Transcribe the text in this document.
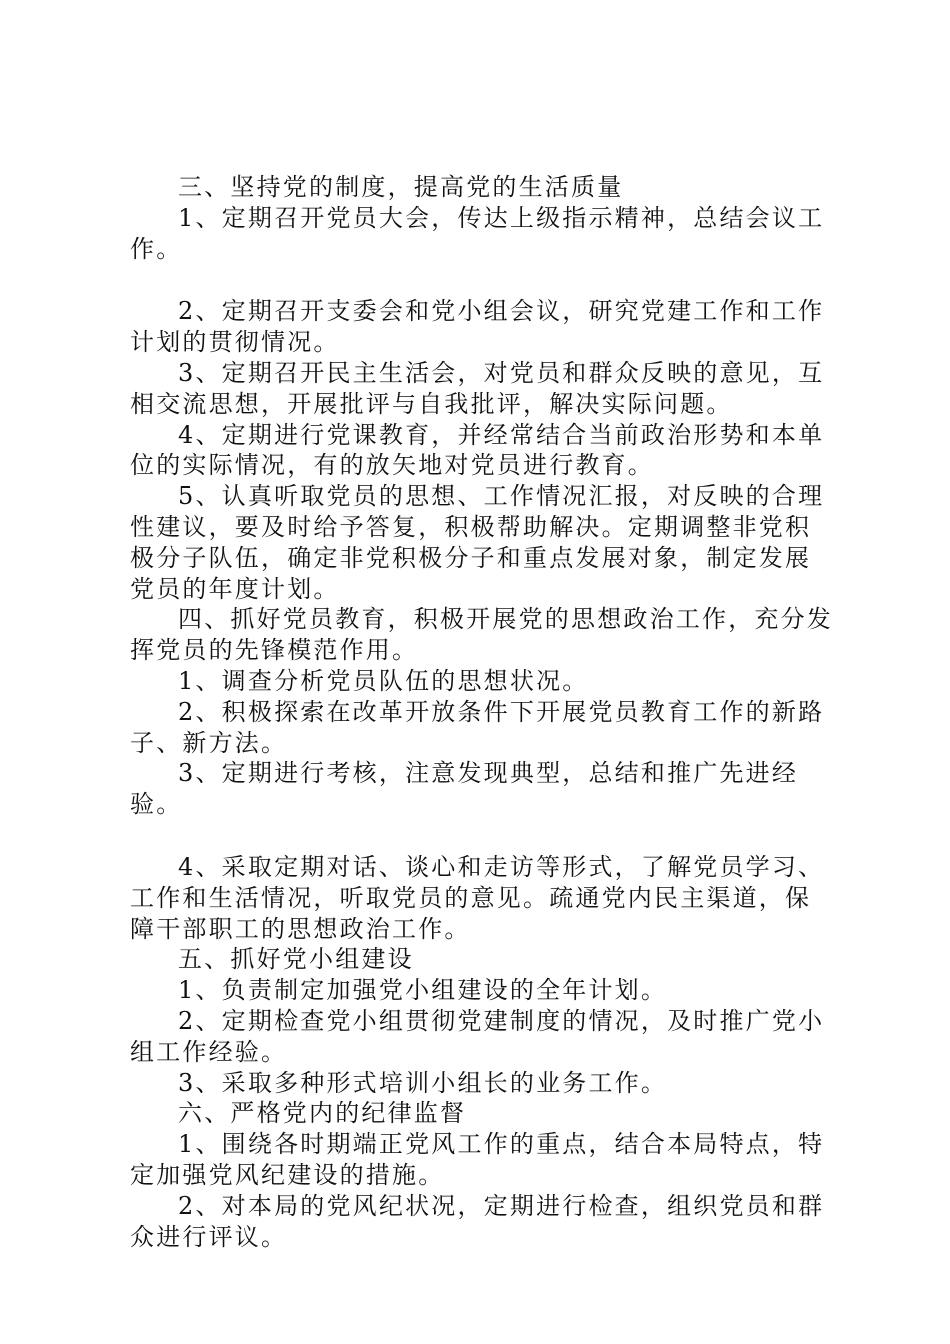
三、坚持党的制度，提高党的生活质量

1、定期召开党员大会，传达上级指示精神，总结会议工作。

2、定期召开支委会和党小组会议，研究党建工作和工作计划的贯彻情况。

3、定期召开民主生活会，对党员和群众反映的意见，互相交流思想，开展批评与自我批评，解决实际问题。

4、定期进行党课教育，并经常结合当前政治形势和本单位的实际情况，有的放矢地对党员进行教育。

5、认真听取党员的思想、工作情况汇报，对反映的合理性建议，要及时给予答复，积极帮助解决。定期调整非党积极分子队伍，确定非党积极分子和重点发展对象，制定发展党员的年度计划。

四、抓好党员教育，积极开展党的思想政治工作，充分发挥党员的先锋模范作用。

1、调查分析党员队伍的思想状况。

2、积极探索在改革开放条件下开展党员教育工作的新路子、新方法。

3、定期进行考核，注意发现典型，总结和推广先进经验。

4、采取定期对话、谈心和走访等形式，了解党员学习、工作和生活情况，听取党员的意见。疏通党内民主渠道，保障干部职工的思想政治工作。

五、抓好党小组建设

1、负责制定加强党小组建设的全年计划。

2、定期检查党小组贯彻党建制度的情况，及时推广党小组工作经验。

3、采取多种形式培训小组长的业务工作。

六、严格党内的纪律监督

1、围绕各时期端正党风工作的重点，结合本局特点，特定加强党风纪建设的措施。

2、对本局的党风纪状况，定期进行检查，组织党员和群众进行评议。
